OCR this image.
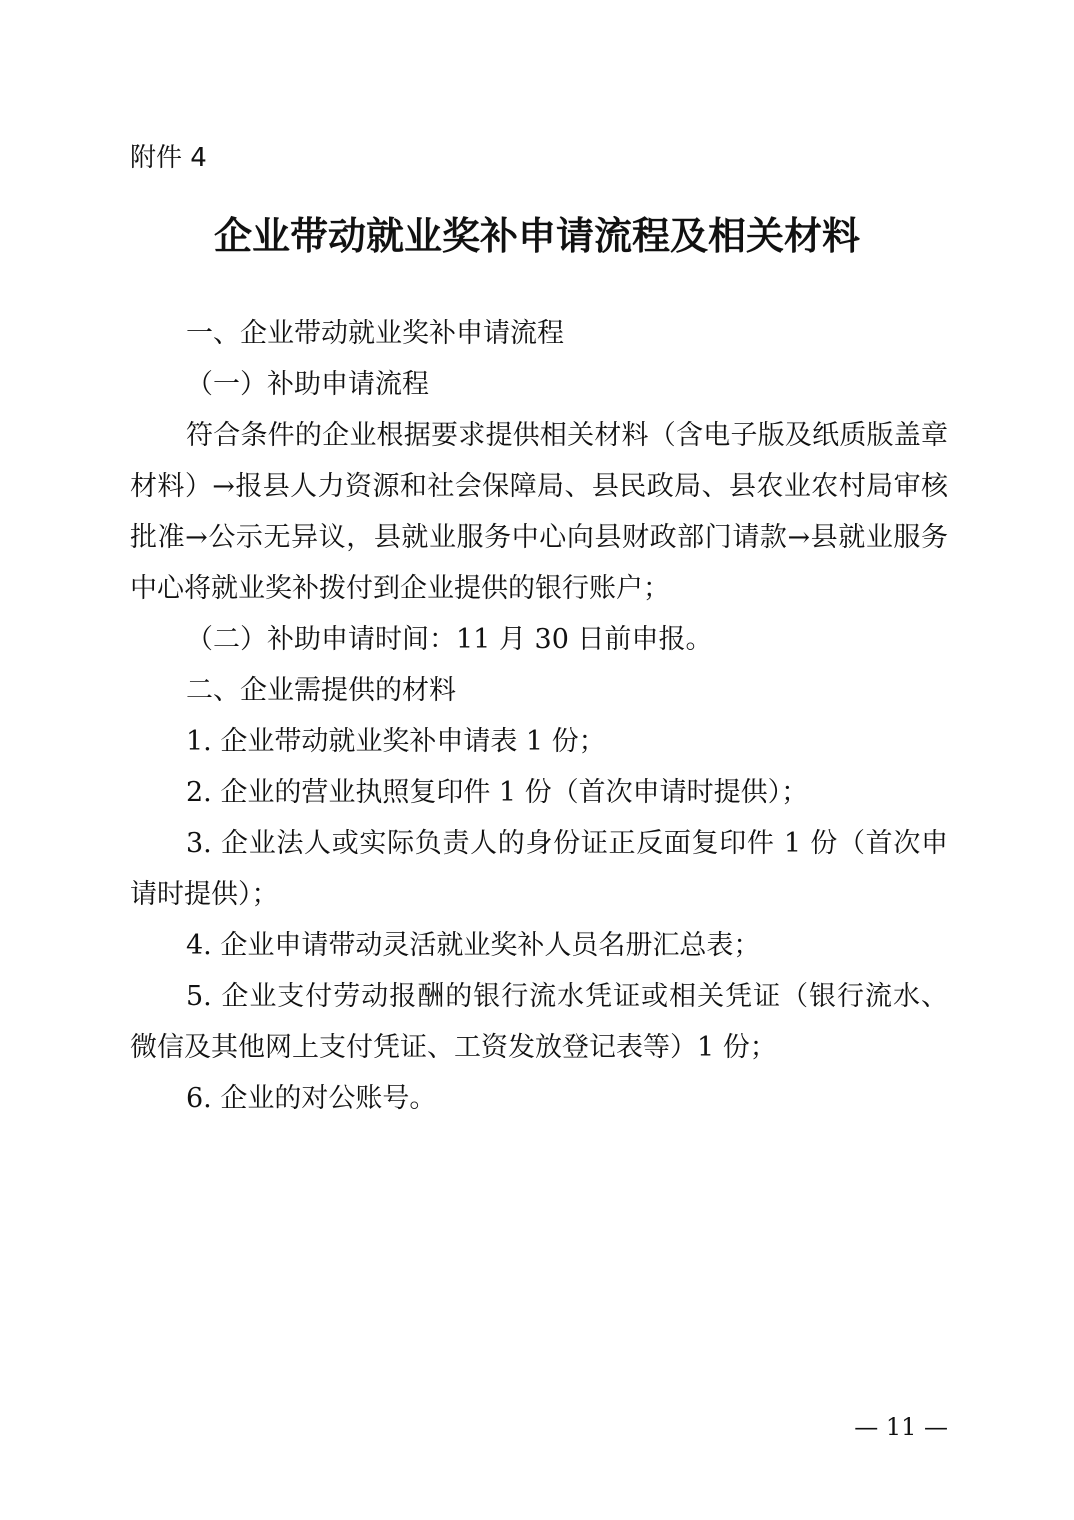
附件 4
企业带动就业奖补申请流程及相关材料

一、企业带动就业奖补申请流程

（一）补助申请流程

符合条件的企业根据要求提供相关材料（含电子版及纸质版盖章材料）→报县人力资源和社会保障局、县民政局、县农业农村局审核批准→公示无异议，县就业服务中心向县财政部门请款→县就业服务中心将就业奖补拨付到企业提供的银行账户；

（二）补助申请时间：11 月 30 日前申报。

二、企业需提供的材料

1. 企业带动就业奖补申请表 1 份；

2. 企业的营业执照复印件 1 份（首次申请时提供）；

3. 企业法人或实际负责人的身份证正反面复印件 1 份（首次申请时提供）；

4. 企业申请带动灵活就业奖补人员名册汇总表；

5. 企业支付劳动报酬的银行流水凭证或相关凭证（银行流水、微信及其他网上支付凭证、工资发放登记表等）1 份；

6. 企业的对公账号。

— 11 —
